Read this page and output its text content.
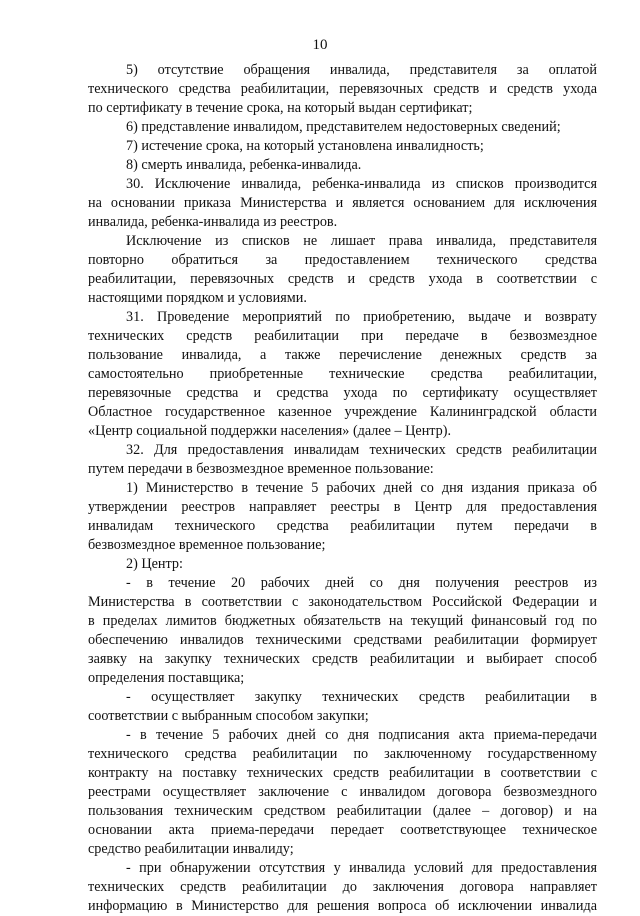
10
5) отсутствие обращения инвалида, представителя за оплатой
технического средства реабилитации, перевязочных средств и средств ухода
по сертификату в течение срока, на который выдан сертификат;
6) представление инвалидом, представителем недостоверных сведений;
7) истечение срока, на который установлена инвалидность;
8) смерть инвалида, ребенка-инвалида.
30. Исключение инвалида, ребенка-инвалида из списков производится
на основании приказа Министерства и является основанием для исключения
инвалида, ребенка-инвалида из реестров.
Исключение из списков не лишает права инвалида, представителя
повторно обратиться за предоставлением технического средства
реабилитации, перевязочных средств и средств ухода в соответствии с
настоящими порядком и условиями.
31. Проведение мероприятий по приобретению, выдаче и возврату
технических средств реабилитации при передаче в безвозмездное
пользование инвалида, а также перечисление денежных средств за
самостоятельно приобретенные технические средства реабилитации,
перевязочные средства и средства ухода по сертификату осуществляет
Областное государственное казенное учреждение Калининградской области
«Центр социальной поддержки населения» (далее – Центр).
32. Для предоставления инвалидам технических средств реабилитации
путем передачи в безвозмездное временное пользование:
1) Министерство в течение 5 рабочих дней со дня издания приказа об
утверждении реестров направляет реестры в Центр для предоставления
инвалидам технического средства реабилитации путем передачи в
безвозмездное временное пользование;
2) Центр:
- в течение 20 рабочих дней со дня получения реестров из
Министерства в соответствии с законодательством Российской Федерации и
в пределах лимитов бюджетных обязательств на текущий финансовый год по
обеспечению инвалидов техническими средствами реабилитации формирует
заявку на закупку технических средств реабилитации и выбирает способ
определения поставщика;
- осуществляет закупку технических средств реабилитации в
соответствии с выбранным способом закупки;
- в течение 5 рабочих дней со дня подписания акта приема-передачи
технического средства реабилитации по заключенному государственному
контракту на поставку технических средств реабилитации в соответствии с
реестрами осуществляет заключение с инвалидом договора безвозмездного
пользования техническим средством реабилитации (далее – договор) и на
основании акта приема-передачи передает соответствующее техническое
средство реабилитации инвалиду;
- при обнаружении отсутствия у инвалида условий для предоставления
технических средств реабилитации до заключения договора направляет
информацию в Министерство для решения вопроса об исключении инвалида
